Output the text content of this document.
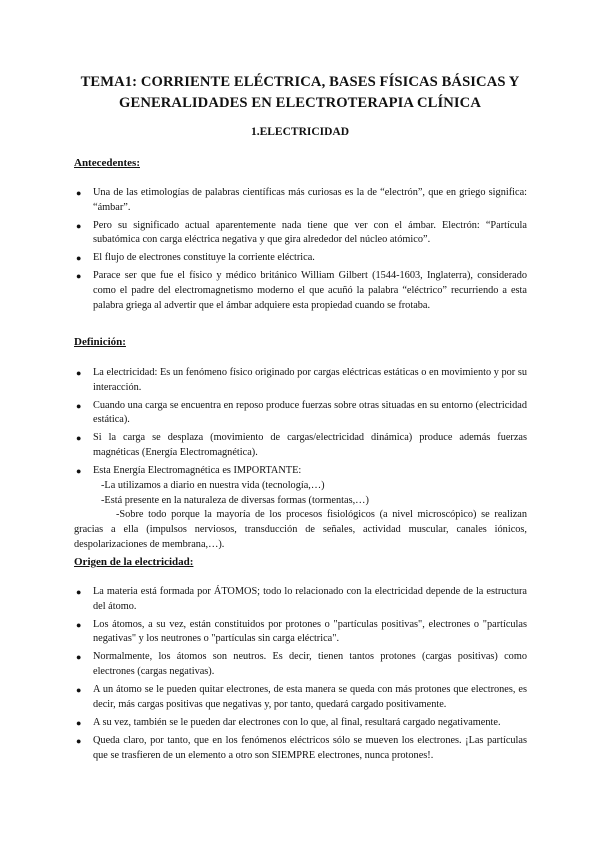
TEMA1: CORRIENTE ELÉCTRICA, BASES FÍSICAS BÁSICAS Y
GENERALIDADES EN ELECTROTERAPIA CLÍNICA
1.ELECTRICIDAD

Antecedentes:

● Una de las etimologías de palabras científicas más curiosas es la de “electrón”, que en griego significa: “ámbar”.
● Pero su significado actual aparentemente nada tiene que ver con el ámbar. Electrón: “Partícula subatómica con carga eléctrica negativa y que gira alrededor del núcleo atómico”.
● El flujo de electrones constituye la corriente eléctrica.
● Parace ser que fue el físico y médico británico William Gilbert (1544-1603, Inglaterra), considerado como el padre del electromagnetismo moderno el que acuñó la palabra “eléctrico” recurriendo a esta palabra griega al advertir que el ámbar adquiere esta propiedad cuando se frotaba.

Definición:

● La electricidad: Es un fenómeno físico originado por cargas eléctricas estáticas o en movimiento y por su interacción.
● Cuando una carga se encuentra en reposo produce fuerzas sobre otras situadas en su entorno (electricidad estática).
● Si la carga se desplaza (movimiento de cargas/electricidad dinámica) produce además fuerzas magnéticas (Energía Electromagnética).
● Esta Energía Electromagnética es IMPORTANTE:
-La utilizamos a diario en nuestra vida (tecnología,…)
-Está presente en la naturaleza de diversas formas (tormentas,…)
-Sobre todo porque la mayoría de los procesos fisiológicos (a nivel microscópico) se realizan gracias a ella (impulsos nerviosos, transducción de señales, actividad muscular, canales iónicos, despolarizaciones de membrana,…).

Origen de la electricidad:

● La materia está formada por ÁTOMOS; todo lo relacionado con la electricidad depende de la estructura del átomo.
● Los átomos, a su vez, están constituidos por protones o "partículas positivas", electrones o "partículas negativas" y los neutrones o "partículas sin carga eléctrica".
● Normalmente, los átomos son neutros. Es decir, tienen tantos protones (cargas positivas) como electrones (cargas negativas).
● A un átomo se le pueden quitar electrones, de esta manera se queda con más protones que electrones, es decir, más cargas positivas que negativas y, por tanto, quedará cargado positivamente.
● A su vez, también se le pueden dar electrones con lo que, al final, resultará cargado negativamente.
● Queda claro, por tanto, que en los fenómenos eléctricos sólo se mueven los electrones. ¡Las partículas que se trasfieren de un elemento a otro son SIEMPRE electrones, nunca protones!.
